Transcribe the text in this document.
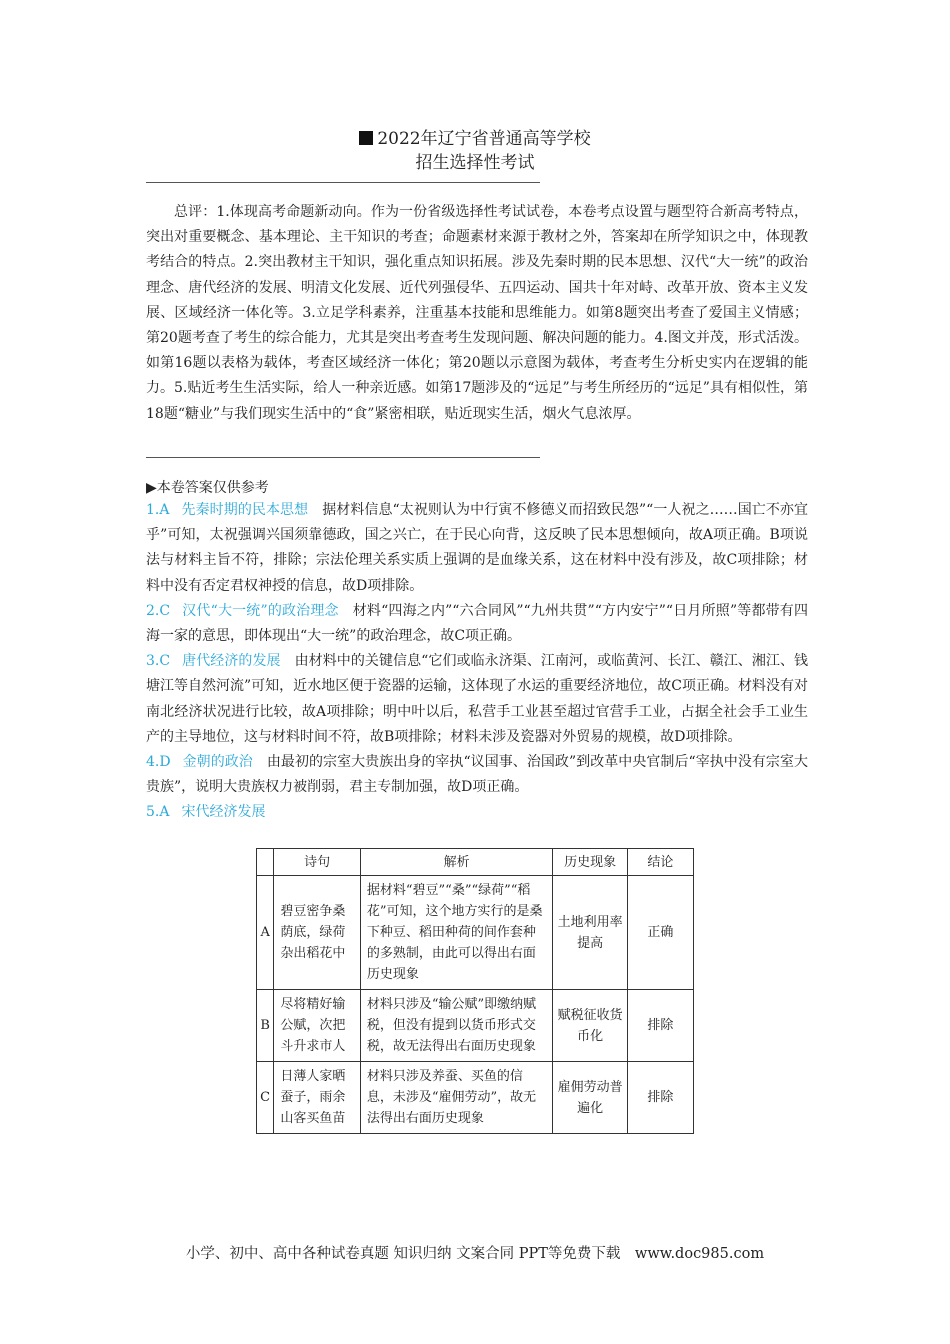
2022年辽宁省普通高等学校
招生选择性考试
总评：1.体现高考命题新动向。作为一份省级选择性考试试卷，本卷考点设置与题型符合新高考特点，突出对重要概念、基本理论、主干知识的考查；命题素材来源于教材之外，答案却在所学知识之中，体现教考结合的特点。2.突出教材主干知识，强化重点知识拓展。涉及先秦时期的民本思想、汉代“大一统”的政治理念、唐代经济的发展、明清文化发展、近代列强侵华、五四运动、国共十年对峙、改革开放、资本主义发展、区域经济一体化等。3.立足学科素养，注重基本技能和思维能力。如第8题突出考查了爱国主义情感；第20题考查了考生的综合能力，尤其是突出考查考生发现问题、解决问题的能力。4.图文并茂，形式活泼。如第16题以表格为载体，考查区域经济一体化；第20题以示意图为载体，考查考生分析史实内在逻辑的能力。5.贴近考生生活实际，给人一种亲近感。如第17题涉及的“远足”与考生所经历的“远足”具有相似性，第18题“糖业”与我们现实生活中的“食”紧密相联，贴近现实生活，烟火气息浓厚。
▶本卷答案仅供参考

1.A 先秦时期的民本思想 据材料信息“太祝则认为中行寅不修德义而招致民怨”“一人祝之……国亡不亦宜乎”可知，太祝强调兴国须靠德政，国之兴亡，在于民心向背，这反映了民本思想倾向，故A项正确。B项说法与材料主旨不符，排除；宗法伦理关系实质上强调的是血缘关系，这在材料中没有涉及，故C项排除；材料中没有否定君权神授的信息，故D项排除。

2.C 汉代“大一统”的政治理念 材料“四海之内”“六合同风”“九州共贯”“方内安宁”“日月所照”等都带有四海一家的意思，即体现出“大一统”的政治理念，故C项正确。

3.C 唐代经济的发展 由材料中的关键信息“它们或临永济渠、江南河，或临黄河、长江、赣江、湘江、钱塘江等自然河流”可知，近水地区便于瓷器的运输，这体现了水运的重要经济地位，故C项正确。材料没有对南北经济状况进行比较，故A项排除；明中叶以后，私营手工业甚至超过官营手工业，占据全社会手工业生产的主导地位，这与材料时间不符，故B项排除；材料未涉及瓷器对外贸易的规模，故D项排除。

4.D 金朝的政治 由最初的宗室大贵族出身的宰执“议国事、治国政”到改革中央官制后“宰执中没有宗室大贵族”，说明大贵族权力被削弱，君主专制加强，故D项正确。

5.A 宋代经济发展

	诗句	解析	历史现象	结论
A	碧豆密争桑荫底，绿荷杂出稻花中	据材料“碧豆”“桑”“绿荷”“稻花”可知，这个地方实行的是桑下种豆、稻田种荷的间作套种的多熟制，由此可以得出右面历史现象	土地利用率提高	正确
B	尽将精好输公赋，次把斗升求市人	材料只涉及“输公赋”即缴纳赋税，但没有提到以货币形式交税，故无法得出右面历史现象	赋税征收货币化	排除
C	日薄人家晒蚕子，雨余山客买鱼苗	材料只涉及养蚕、买鱼的信息，未涉及“雇佣劳动”，故无法得出右面历史现象	雇佣劳动普遍化	排除
小学、初中、高中各种试卷真题 知识归纳 文案合同 PPT等免费下载　www.doc985.com
